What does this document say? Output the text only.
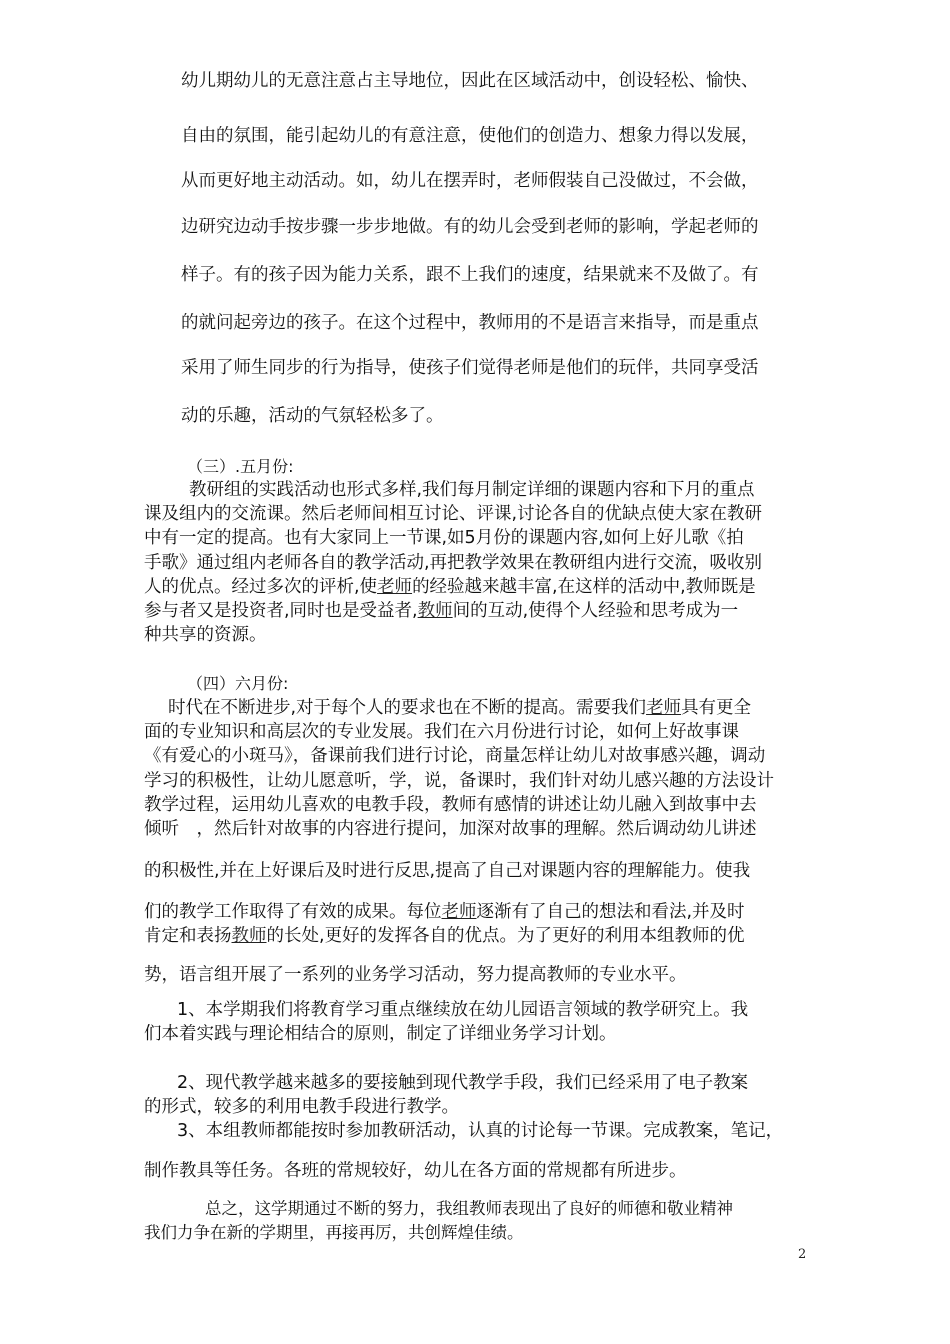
幼儿期幼儿的无意注意占主导地位，因此在区域活动中，创设轻松、愉快、
自由的氛围，能引起幼儿的有意注意，使他们的创造力、想象力得以发展，
从而更好地主动活动。如，幼儿在摆弄时，老师假装自己没做过，不会做，
边研究边动手按步骤一步步地做。有的幼儿会受到老师的影响，学起老师的
样子。有的孩子因为能力关系，跟不上我们的速度，结果就来不及做了。有
的就问起旁边的孩子。在这个过程中，教师用的不是语言来指导，而是重点
采用了师生同步的行为指导，使孩子们觉得老师是他们的玩伴，共同享受活
动的乐趣，活动的气氛轻松多了。
（三）.五月份:
教研组的实践活动也形式多样,我们每月制定详细的课题内容和下月的重点
课及组内的交流课。然后老师间相互讨论、评课,讨论各自的优缺点使大家在教研
中有一定的提高。也有大家同上一节课,如5月份的课题内容,如何上好儿歌《拍
手歌》通过组内老师各自的教学活动,再把教学效果在教研组内进行交流，吸收别
人的优点。经过多次的评析,使老师的经验越来越丰富,在这样的活动中,教师既是
参与者又是投资者,同时也是受益者,教师间的互动,使得个人经验和思考成为一
种共享的资源。
（四）六月份:
时代在不断进步,对于每个人的要求也在不断的提高。需要我们老师具有更全
面的专业知识和高层次的专业发展。我们在六月份进行讨论，如何上好故事课
《有爱心的小斑马》，备课前我们进行讨论，商量怎样让幼儿对故事感兴趣，调动
学习的积极性，让幼儿愿意听，学，说，备课时，我们针对幼儿感兴趣的方法设计
教学过程，运用幼儿喜欢的电教手段，教师有感情的讲述让幼儿融入到故事中去
倾听　，然后针对故事的内容进行提问，加深对故事的理解。然后调动幼儿讲述
的积极性,并在上好课后及时进行反思,提高了自己对课题内容的理解能力。使我
们的教学工作取得了有效的成果。每位老师逐渐有了自己的想法和看法,并及时
肯定和表扬教师的长处,更好的发挥各自的优点。为了更好的利用本组教师的优
势，语言组开展了一系列的业务学习活动，努力提高教师的专业水平。
1、本学期我们将教育学习重点继续放在幼儿园语言领域的教学研究上。我
们本着实践与理论相结合的原则，制定了详细业务学习计划。
2、现代教学越来越多的要接触到现代教学手段，我们已经采用了电子教案
的形式，较多的利用电教手段进行教学。
3、本组教师都能按时参加教研活动，认真的讨论每一节课。完成教案，笔记，
制作教具等任务。各班的常规较好，幼儿在各方面的常规都有所进步。
总之，这学期通过不断的努力，我组教师表现出了良好的师德和敬业精神
我们力争在新的学期里，再接再厉，共创辉煌佳绩。
2
